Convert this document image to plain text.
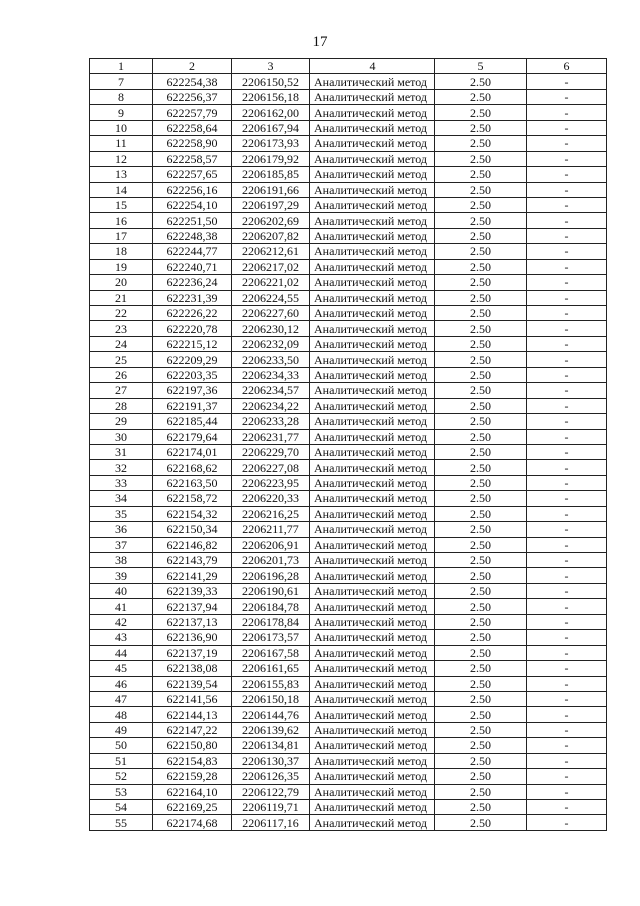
17
1	2	3	4	5	6
7	622254,38	2206150,52	Аналитический метод	2.50	-
8	622256,37	2206156,18	Аналитический метод	2.50	-
9	622257,79	2206162,00	Аналитический метод	2.50	-
10	622258,64	2206167,94	Аналитический метод	2.50	-
11	622258,90	2206173,93	Аналитический метод	2.50	-
12	622258,57	2206179,92	Аналитический метод	2.50	-
13	622257,65	2206185,85	Аналитический метод	2.50	-
14	622256,16	2206191,66	Аналитический метод	2.50	-
15	622254,10	2206197,29	Аналитический метод	2.50	-
16	622251,50	2206202,69	Аналитический метод	2.50	-
17	622248,38	2206207,82	Аналитический метод	2.50	-
18	622244,77	2206212,61	Аналитический метод	2.50	-
19	622240,71	2206217,02	Аналитический метод	2.50	-
20	622236,24	2206221,02	Аналитический метод	2.50	-
21	622231,39	2206224,55	Аналитический метод	2.50	-
22	622226,22	2206227,60	Аналитический метод	2.50	-
23	622220,78	2206230,12	Аналитический метод	2.50	-
24	622215,12	2206232,09	Аналитический метод	2.50	-
25	622209,29	2206233,50	Аналитический метод	2.50	-
26	622203,35	2206234,33	Аналитический метод	2.50	-
27	622197,36	2206234,57	Аналитический метод	2.50	-
28	622191,37	2206234,22	Аналитический метод	2.50	-
29	622185,44	2206233,28	Аналитический метод	2.50	-
30	622179,64	2206231,77	Аналитический метод	2.50	-
31	622174,01	2206229,70	Аналитический метод	2.50	-
32	622168,62	2206227,08	Аналитический метод	2.50	-
33	622163,50	2206223,95	Аналитический метод	2.50	-
34	622158,72	2206220,33	Аналитический метод	2.50	-
35	622154,32	2206216,25	Аналитический метод	2.50	-
36	622150,34	2206211,77	Аналитический метод	2.50	-
37	622146,82	2206206,91	Аналитический метод	2.50	-
38	622143,79	2206201,73	Аналитический метод	2.50	-
39	622141,29	2206196,28	Аналитический метод	2.50	-
40	622139,33	2206190,61	Аналитический метод	2.50	-
41	622137,94	2206184,78	Аналитический метод	2.50	-
42	622137,13	2206178,84	Аналитический метод	2.50	-
43	622136,90	2206173,57	Аналитический метод	2.50	-
44	622137,19	2206167,58	Аналитический метод	2.50	-
45	622138,08	2206161,65	Аналитический метод	2.50	-
46	622139,54	2206155,83	Аналитический метод	2.50	-
47	622141,56	2206150,18	Аналитический метод	2.50	-
48	622144,13	2206144,76	Аналитический метод	2.50	-
49	622147,22	2206139,62	Аналитический метод	2.50	-
50	622150,80	2206134,81	Аналитический метод	2.50	-
51	622154,83	2206130,37	Аналитический метод	2.50	-
52	622159,28	2206126,35	Аналитический метод	2.50	-
53	622164,10	2206122,79	Аналитический метод	2.50	-
54	622169,25	2206119,71	Аналитический метод	2.50	-
55	622174,68	2206117,16	Аналитический метод	2.50	-
